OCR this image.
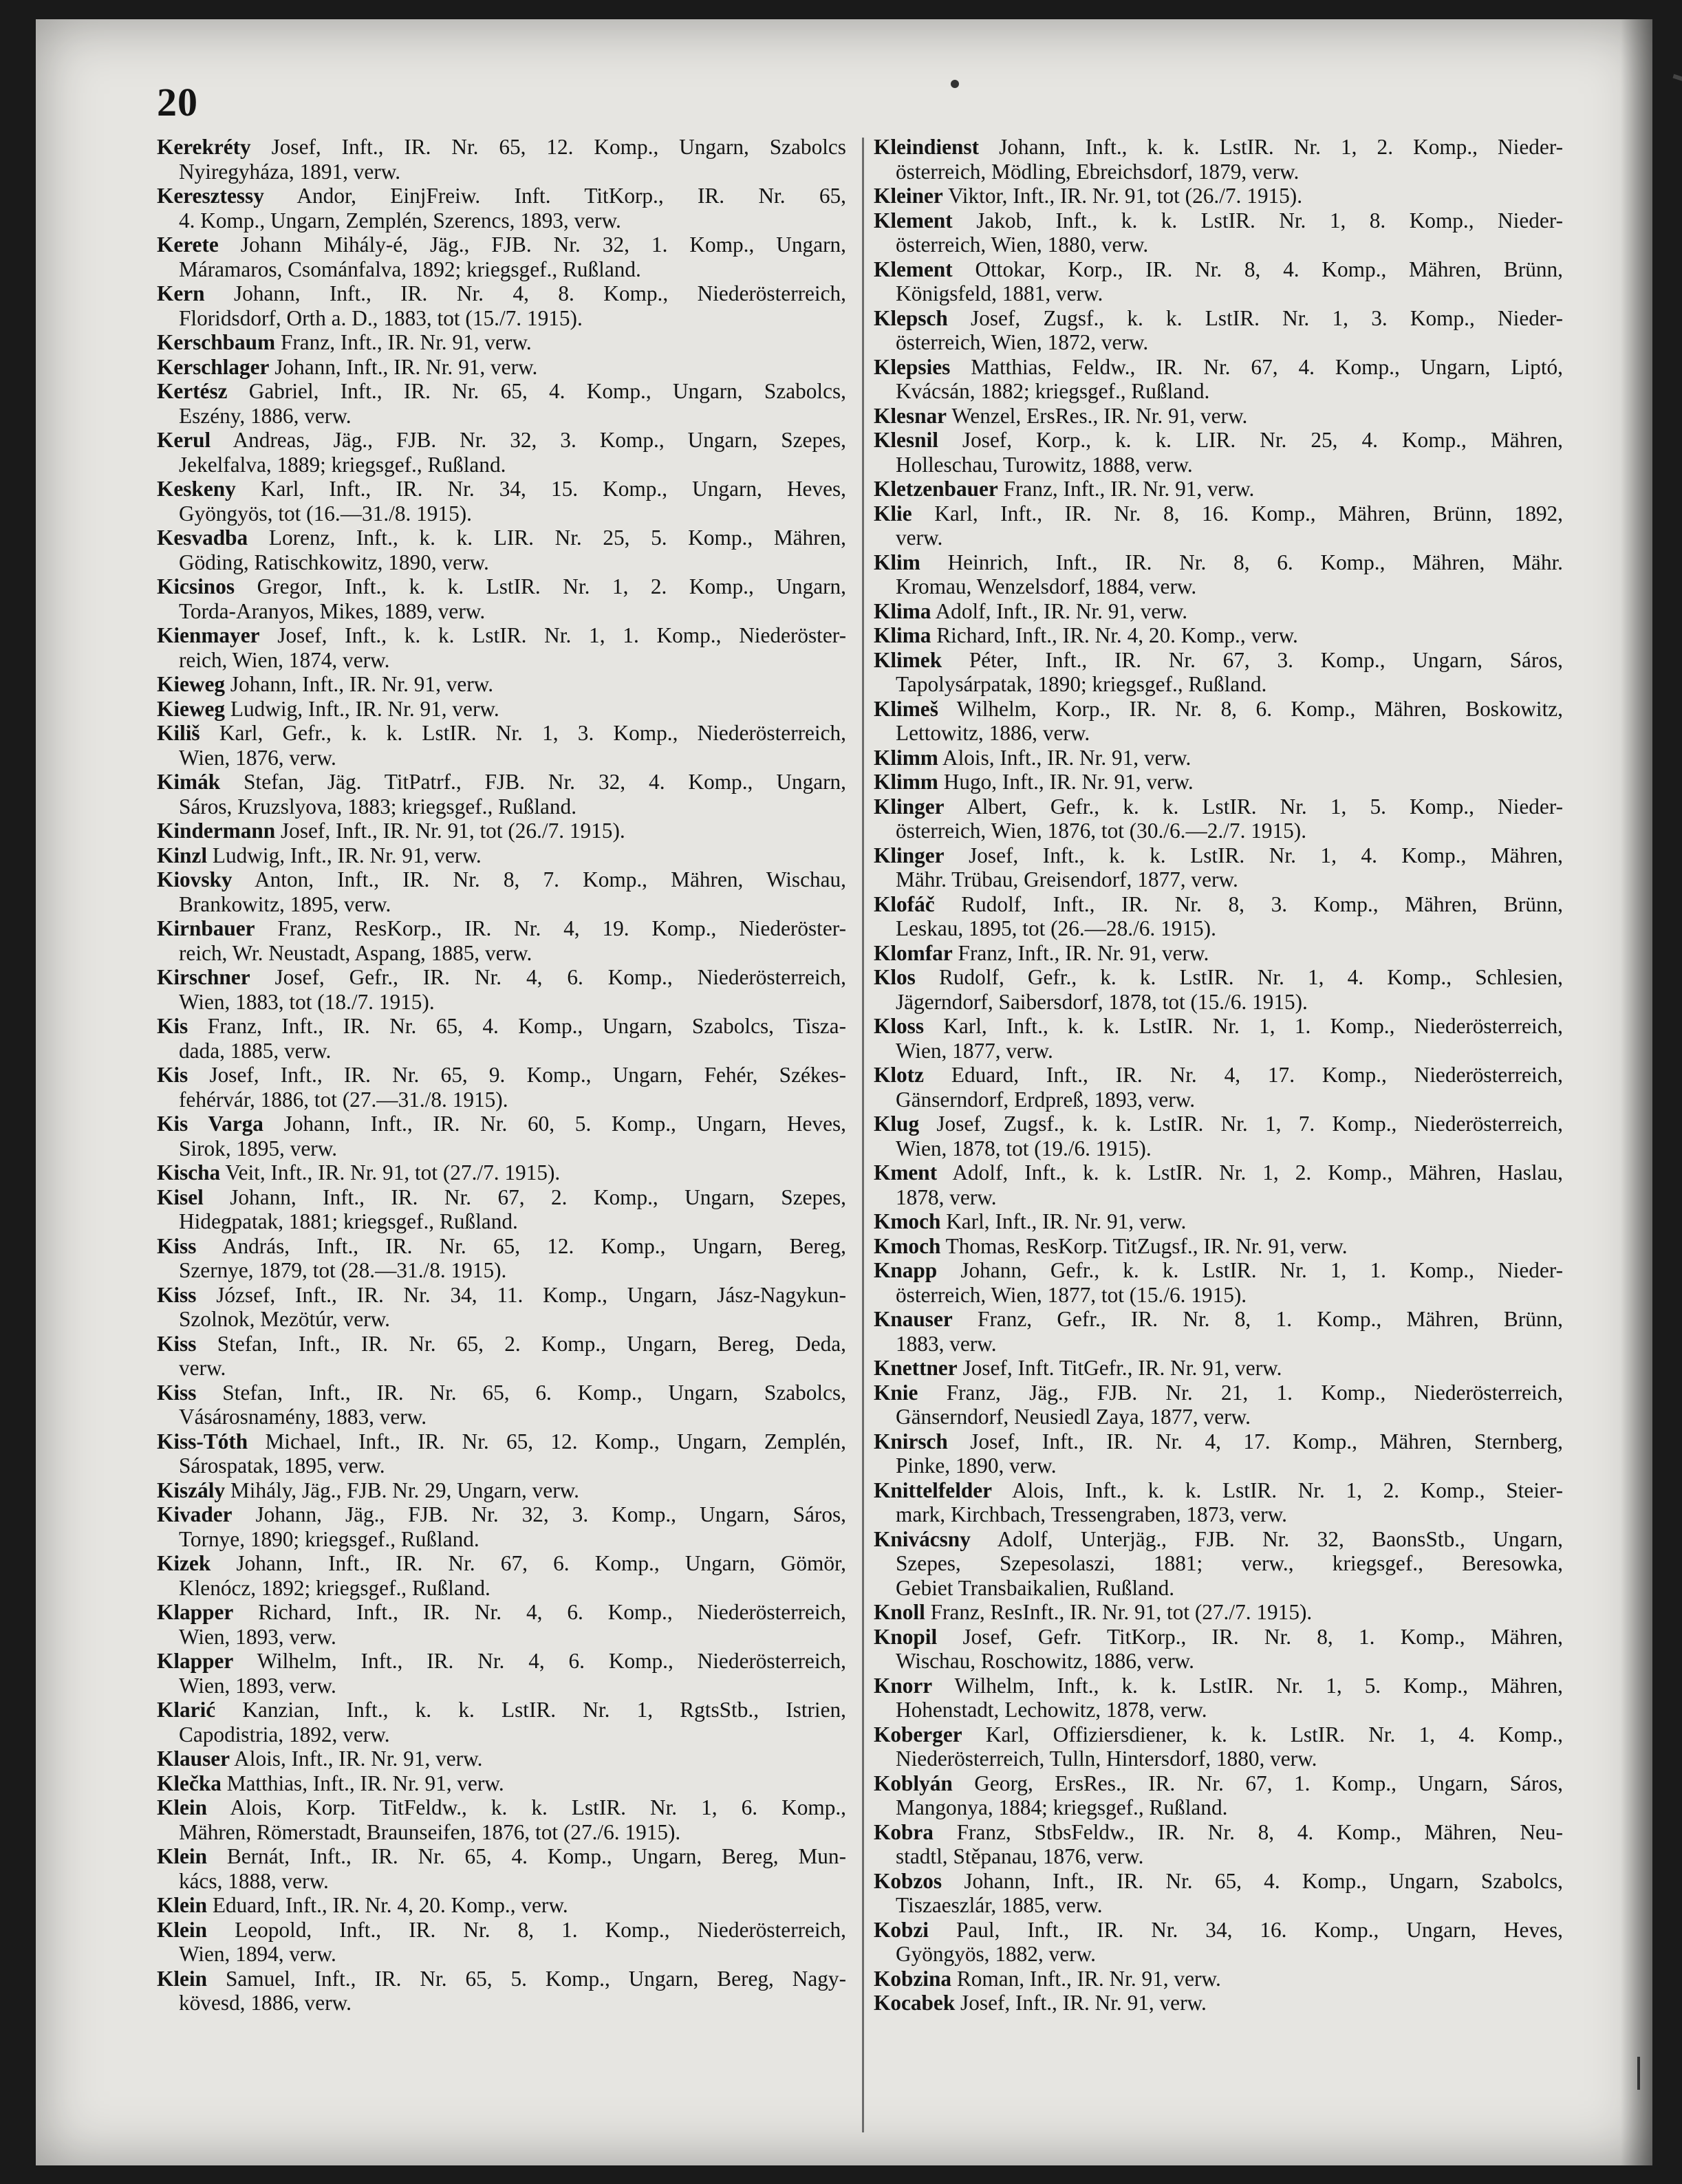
20

Kerekréty Josef, Inft., IR. Nr. 65, 12. Komp., Ungarn, Szabolcs
Nyiregyháza, 1891, verw.

Keresztessy Andor, EinjFreiw. Inft. TitKorp., IR. Nr. 65,
4. Komp., Ungarn, Zemplén, Szerencs, 1893, verw.

Kerete Johann Mihály-é, Jäg., FJB. Nr. 32, 1. Komp., Ungarn,
Máramaros, Csománfalva, 1892; kriegsgef., Rußland.

Kern Johann, Inft., IR. Nr. 4, 8. Komp., Niederösterreich,
Floridsdorf, Orth a. D., 1883, tot (15./7. 1915).

Kerschbaum Franz, Inft., IR. Nr. 91, verw.

Kerschlager Johann, Inft., IR. Nr. 91, verw.

Kertész Gabriel, Inft., IR. Nr. 65, 4. Komp., Ungarn, Szabolcs,
Eszény, 1886, verw.

Kerul Andreas, Jäg., FJB. Nr. 32, 3. Komp., Ungarn, Szepes,
Jekelfalva, 1889; kriegsgef., Rußland.

Keskeny Karl, Inft., IR. Nr. 34, 15. Komp., Ungarn, Heves,
Gyöngyös, tot (16.—31./8. 1915).

Kesvadba Lorenz, Inft., k. k. LIR. Nr. 25, 5. Komp., Mähren,
Göding, Ratischkowitz, 1890, verw.

Kicsinos Gregor, Inft., k. k. LstIR. Nr. 1, 2. Komp., Ungarn,
Torda-Aranyos, Mikes, 1889, verw.

Kienmayer Josef, Inft., k. k. LstIR. Nr. 1, 1. Komp., Niederöster-
reich, Wien, 1874, verw.

Kieweg Johann, Inft., IR. Nr. 91, verw.

Kieweg Ludwig, Inft., IR. Nr. 91, verw.

Kiliš Karl, Gefr., k. k. LstIR. Nr. 1, 3. Komp., Niederösterreich,
Wien, 1876, verw.

Kimák Stefan, Jäg. TitPatrf., FJB. Nr. 32, 4. Komp., Ungarn,
Sáros, Kruzslyova, 1883; kriegsgef., Rußland.

Kindermann Josef, Inft., IR. Nr. 91, tot (26./7. 1915).

Kinzl Ludwig, Inft., IR. Nr. 91, verw.

Kiovsky Anton, Inft., IR. Nr. 8, 7. Komp., Mähren, Wischau,
Brankowitz, 1895, verw.

Kirnbauer Franz, ResKorp., IR. Nr. 4, 19. Komp., Niederöster-
reich, Wr. Neustadt, Aspang, 1885, verw.

Kirschner Josef, Gefr., IR. Nr. 4, 6. Komp., Niederösterreich,
Wien, 1883, tot (18./7. 1915).

Kis Franz, Inft., IR. Nr. 65, 4. Komp., Ungarn, Szabolcs, Tisza-
dada, 1885, verw.

Kis Josef, Inft., IR. Nr. 65, 9. Komp., Ungarn, Fehér, Székes-
fehérvár, 1886, tot (27.—31./8. 1915).

Kis Varga Johann, Inft., IR. Nr. 60, 5. Komp., Ungarn, Heves,
Sirok, 1895, verw.

Kischa Veit, Inft., IR. Nr. 91, tot (27./7. 1915).

Kisel Johann, Inft., IR. Nr. 67, 2. Komp., Ungarn, Szepes,
Hidegpatak, 1881; kriegsgef., Rußland.

Kiss András, Inft., IR. Nr. 65, 12. Komp., Ungarn, Bereg,
Szernye, 1879, tot (28.—31./8. 1915).

Kiss József, Inft., IR. Nr. 34, 11. Komp., Ungarn, Jász-Nagykun-
Szolnok, Mezötúr, verw.

Kiss Stefan, Inft., IR. Nr. 65, 2. Komp., Ungarn, Bereg, Deda,
verw.

Kiss Stefan, Inft., IR. Nr. 65, 6. Komp., Ungarn, Szabolcs,
Vásárosnamény, 1883, verw.

Kiss-Tóth Michael, Inft., IR. Nr. 65, 12. Komp., Ungarn, Zemplén,
Sárospatak, 1895, verw.

Kiszály Mihály, Jäg., FJB. Nr. 29, Ungarn, verw.

Kivader Johann, Jäg., FJB. Nr. 32, 3. Komp., Ungarn, Sáros,
Tornye, 1890; kriegsgef., Rußland.

Kizek Johann, Inft., IR. Nr. 67, 6. Komp., Ungarn, Gömör,
Klenócz, 1892; kriegsgef., Rußland.

Klapper Richard, Inft., IR. Nr. 4, 6. Komp., Niederösterreich,
Wien, 1893, verw.

Klapper Wilhelm, Inft., IR. Nr. 4, 6. Komp., Niederösterreich,
Wien, 1893, verw.

Klarić Kanzian, Inft., k. k. LstIR. Nr. 1, RgtsStb., Istrien,
Capodistria, 1892, verw.

Klauser Alois, Inft., IR. Nr. 91, verw.

Klečka Matthias, Inft., IR. Nr. 91, verw.

Klein Alois, Korp. TitFeldw., k. k. LstIR. Nr. 1, 6. Komp.,
Mähren, Römerstadt, Braunseifen, 1876, tot (27./6. 1915).

Klein Bernát, Inft., IR. Nr. 65, 4. Komp., Ungarn, Bereg, Mun-
kács, 1888, verw.

Klein Eduard, Inft., IR. Nr. 4, 20. Komp., verw.

Klein Leopold, Inft., IR. Nr. 8, 1. Komp., Niederösterreich,
Wien, 1894, verw.

Klein Samuel, Inft., IR. Nr. 65, 5. Komp., Ungarn, Bereg, Nagy-
kövesd, 1886, verw.

Kleindienst Johann, Inft., k. k. LstIR. Nr. 1, 2. Komp., Nieder-
österreich, Mödling, Ebreichsdorf, 1879, verw.

Kleiner Viktor, Inft., IR. Nr. 91, tot (26./7. 1915).

Klement Jakob, Inft., k. k. LstIR. Nr. 1, 8. Komp., Nieder-
österreich, Wien, 1880, verw.

Klement Ottokar, Korp., IR. Nr. 8, 4. Komp., Mähren, Brünn,
Königsfeld, 1881, verw.

Klepsch Josef, Zugsf., k. k. LstIR. Nr. 1, 3. Komp., Nieder-
österreich, Wien, 1872, verw.

Klepsies Matthias, Feldw., IR. Nr. 67, 4. Komp., Ungarn, Liptó,
Kvácsán, 1882; kriegsgef., Rußland.

Klesnar Wenzel, ErsRes., IR. Nr. 91, verw.

Klesnil Josef, Korp., k. k. LIR. Nr. 25, 4. Komp., Mähren,
Holleschau, Turowitz, 1888, verw.

Kletzenbauer Franz, Inft., IR. Nr. 91, verw.

Klie Karl, Inft., IR. Nr. 8, 16. Komp., Mähren, Brünn, 1892,
verw.

Klim Heinrich, Inft., IR. Nr. 8, 6. Komp., Mähren, Mähr.
Kromau, Wenzelsdorf, 1884, verw.

Klima Adolf, Inft., IR. Nr. 91, verw.

Klima Richard, Inft., IR. Nr. 4, 20. Komp., verw.

Klimek Péter, Inft., IR. Nr. 67, 3. Komp., Ungarn, Sáros,
Tapolysárpatak, 1890; kriegsgef., Rußland.

Klimeš Wilhelm, Korp., IR. Nr. 8, 6. Komp., Mähren, Boskowitz,
Lettowitz, 1886, verw.

Klimm Alois, Inft., IR. Nr. 91, verw.

Klimm Hugo, Inft., IR. Nr. 91, verw.

Klinger Albert, Gefr., k. k. LstIR. Nr. 1, 5. Komp., Nieder-
österreich, Wien, 1876, tot (30./6.—2./7. 1915).

Klinger Josef, Inft., k. k. LstIR. Nr. 1, 4. Komp., Mähren,
Mähr. Trübau, Greisendorf, 1877, verw.

Klofáč Rudolf, Inft., IR. Nr. 8, 3. Komp., Mähren, Brünn,
Leskau, 1895, tot (26.—28./6. 1915).

Klomfar Franz, Inft., IR. Nr. 91, verw.

Klos Rudolf, Gefr., k. k. LstIR. Nr. 1, 4. Komp., Schlesien,
Jägerndorf, Saibersdorf, 1878, tot (15./6. 1915).

Kloss Karl, Inft., k. k. LstIR. Nr. 1, 1. Komp., Niederösterreich,
Wien, 1877, verw.

Klotz Eduard, Inft., IR. Nr. 4, 17. Komp., Niederösterreich,
Gänserndorf, Erdpreß, 1893, verw.

Klug Josef, Zugsf., k. k. LstIR. Nr. 1, 7. Komp., Niederösterreich,
Wien, 1878, tot (19./6. 1915).

Kment Adolf, Inft., k. k. LstIR. Nr. 1, 2. Komp., Mähren, Haslau,
1878, verw.

Kmoch Karl, Inft., IR. Nr. 91, verw.

Kmoch Thomas, ResKorp. TitZugsf., IR. Nr. 91, verw.

Knapp Johann, Gefr., k. k. LstIR. Nr. 1, 1. Komp., Nieder-
österreich, Wien, 1877, tot (15./6. 1915).

Knauser Franz, Gefr., IR. Nr. 8, 1. Komp., Mähren, Brünn,
1883, verw.

Knettner Josef, Inft. TitGefr., IR. Nr. 91, verw.

Knie Franz, Jäg., FJB. Nr. 21, 1. Komp., Niederösterreich,
Gänserndorf, Neusiedl Zaya, 1877, verw.

Knirsch Josef, Inft., IR. Nr. 4, 17. Komp., Mähren, Sternberg,
Pinke, 1890, verw.

Knittelfelder Alois, Inft., k. k. LstIR. Nr. 1, 2. Komp., Steier-
mark, Kirchbach, Tressengraben, 1873, verw.

Knivácsny Adolf, Unterjäg., FJB. Nr. 32, BaonsStb., Ungarn,
Szepes, Szepesolaszi, 1881; verw., kriegsgef., Beresowka,
Gebiet Transbaikalien, Rußland.

Knoll Franz, ResInft., IR. Nr. 91, tot (27./7. 1915).

Knopil Josef, Gefr. TitKorp., IR. Nr. 8, 1. Komp., Mähren,
Wischau, Roschowitz, 1886, verw.

Knorr Wilhelm, Inft., k. k. LstIR. Nr. 1, 5. Komp., Mähren,
Hohenstadt, Lechowitz, 1878, verw.

Koberger Karl, Offiziersdiener, k. k. LstIR. Nr. 1, 4. Komp.,
Niederösterreich, Tulln, Hintersdorf, 1880, verw.

Koblyán Georg, ErsRes., IR. Nr. 67, 1. Komp., Ungarn, Sáros,
Mangonya, 1884; kriegsgef., Rußland.

Kobra Franz, StbsFeldw., IR. Nr. 8, 4. Komp., Mähren, Neu-
stadtl, Stěpanau, 1876, verw.

Kobzos Johann, Inft., IR. Nr. 65, 4. Komp., Ungarn, Szabolcs,
Tiszaeszlár, 1885, verw.

Kobzi Paul, Inft., IR. Nr. 34, 16. Komp., Ungarn, Heves,
Gyöngyös, 1882, verw.

Kobzina Roman, Inft., IR. Nr. 91, verw.

Kocabek Josef, Inft., IR. Nr. 91, verw.
